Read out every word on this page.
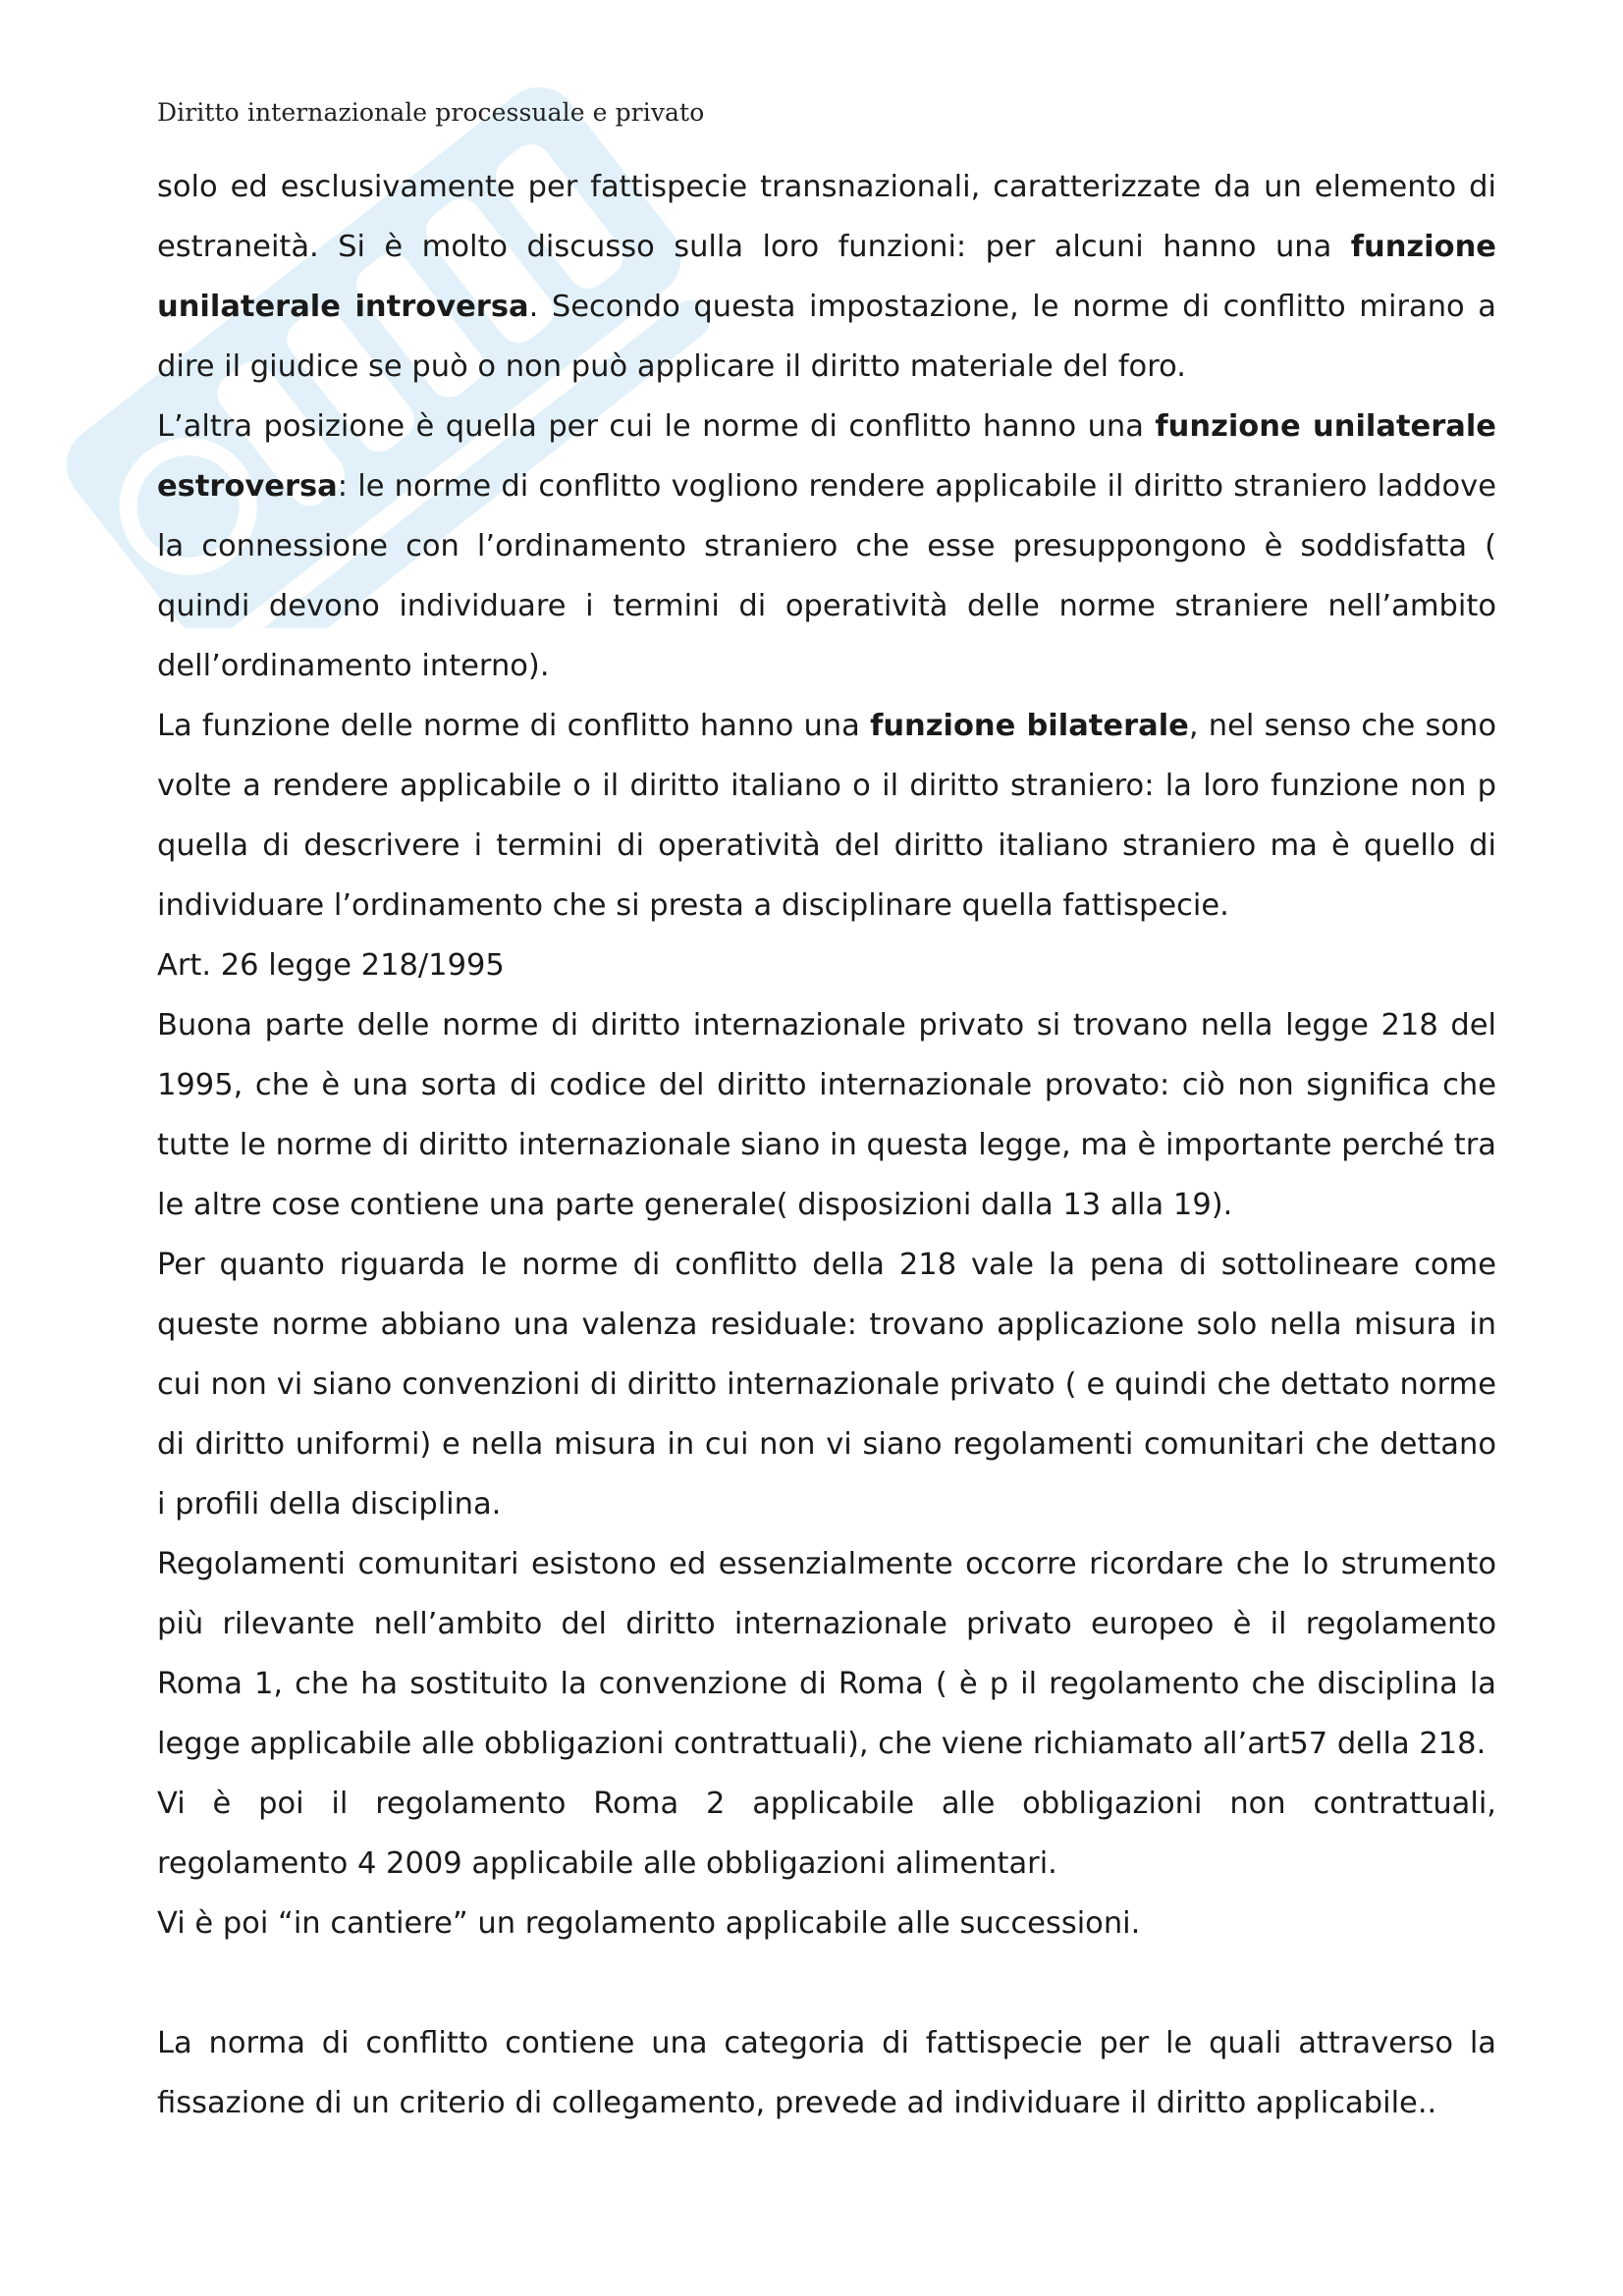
Diritto internazionale processuale e privato

solo ed esclusivamente per fattispecie transnazionali, caratterizzate da un elemento di estraneità. Si è molto discusso sulla loro funzioni: per alcuni hanno una funzione unilaterale introversa. Secondo questa impostazione, le norme di conflitto mirano a dire il giudice se può o non può applicare il diritto materiale del foro.

L’altra posizione è quella per cui le norme di conflitto hanno una funzione unilaterale estroversa: le norme di conflitto vogliono rendere applicabile il diritto straniero laddove la connessione con l’ordinamento straniero che esse presuppongono è soddisfatta ( quindi devono individuare i termini di operatività delle norme straniere nell’ambito dell’ordinamento interno).

La funzione delle norme di conflitto hanno una funzione bilaterale, nel senso che sono volte a rendere applicabile o il diritto italiano o il diritto straniero: la loro funzione non p quella di descrivere i termini di operatività del diritto italiano straniero ma è quello di individuare l’ordinamento che si presta a disciplinare quella fattispecie.

Art. 26 legge 218/1995

Buona parte delle norme di diritto internazionale privato si trovano nella legge 218 del 1995, che è una sorta di codice del diritto internazionale provato: ciò non significa che tutte le norme di diritto internazionale siano in questa legge, ma è importante perché tra le altre cose contiene una parte generale( disposizioni dalla 13 alla 19).

Per quanto riguarda le norme di conflitto della 218 vale la pena di sottolineare come queste norme abbiano una valenza residuale: trovano applicazione solo nella misura in cui non vi siano convenzioni di diritto internazionale privato ( e quindi che dettato norme di diritto uniformi) e nella misura in cui non vi siano regolamenti comunitari che dettano i profili della disciplina.

Regolamenti comunitari esistono ed essenzialmente occorre ricordare che lo strumento più rilevante nell’ambito del diritto internazionale privato europeo è il regolamento Roma 1, che ha sostituito la convenzione di Roma ( è p il regolamento che disciplina la legge applicabile alle obbligazioni contrattuali), che viene richiamato all’art57 della 218.

Vi è poi il regolamento Roma 2 applicabile alle obbligazioni non contrattuali, regolamento 4 2009 applicabile alle obbligazioni alimentari.

Vi è poi “in cantiere” un regolamento applicabile alle successioni.

La norma di conflitto contiene una categoria di fattispecie per le quali attraverso la fissazione di un criterio di collegamento, prevede ad individuare il diritto applicabile..
